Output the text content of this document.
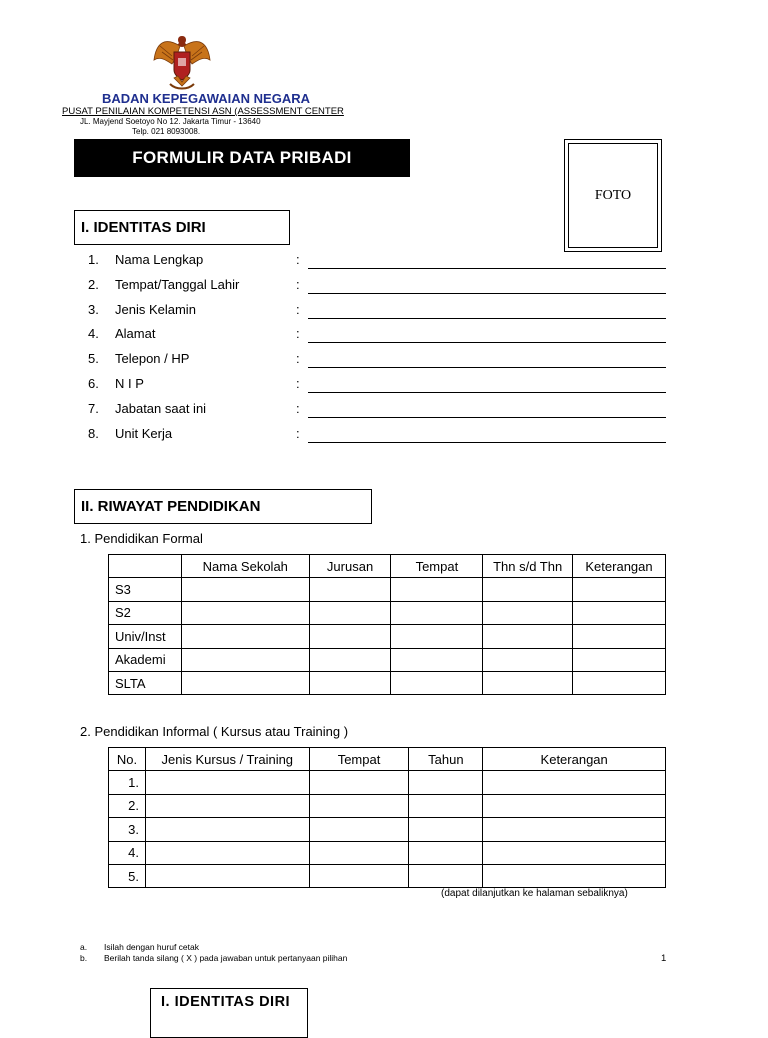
BADAN KEPEGAWAIAN NEGARA
PUSAT PENILAIAN KOMPETENSI ASN (ASSESSMENT CENTER
JL. Mayjend Soetoyo No 12. Jakarta Timur - 13640
Telp. 021 8093008.
FORMULIR DATA PRIBADI
FOTO
I. IDENTITAS DIRI
1. Nama Lengkap	:
2. Tempat/Tanggal Lahir	:
3. Jenis Kelamin	:
4. Alamat	:
5. Telepon / HP	:
6. N I P	:
7. Jabatan saat ini	:
8. Unit Kerja	:
II. RIWAYAT PENDIDIKAN
1. Pendidikan Formal
	Nama Sekolah	Jurusan	Tempat	Thn s/d Thn	Keterangan
S3					
S2					
Univ/Inst					
Akademi					
SLTA					
2. Pendidikan Informal ( Kursus atau Training )
No.	Jenis Kursus / Training	Tempat	Tahun	Keterangan
1.				
2.				
3.				
4.				
5.				
(dapat dilanjutkan ke halaman sebaliknya)
a. Isilah dengan huruf cetak
b. Berilah tanda silang ( X ) pada jawaban untuk pertanyaan pilihan	1
I. IDENTITAS DIRI
